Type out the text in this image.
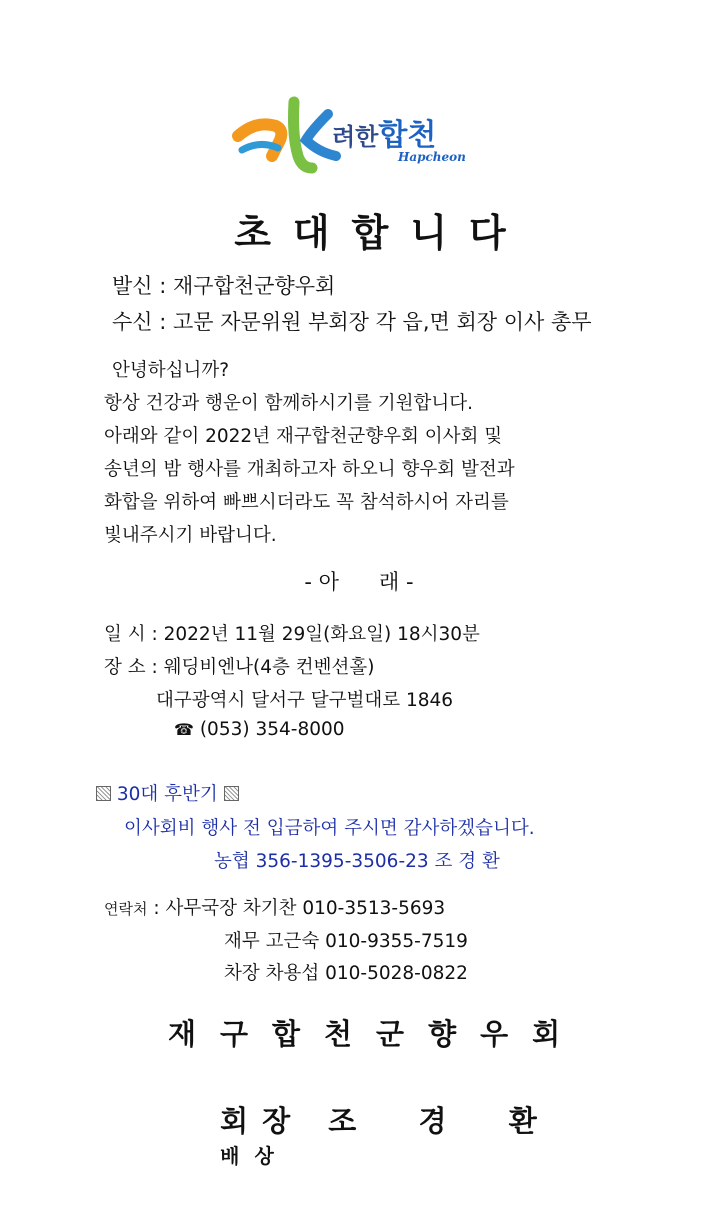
려한합천
Hapcheon
초대합니다
발신 : 재구합천군향우회
수신 : 고문 자문위원 부회장 각 읍,면 회장 이사 총무
안녕하십니까?
항상 건강과 행운이 함께하시기를 기원합니다.
아래와 같이 2022년 재구합천군향우회 이사회 및
송년의 밤 행사를 개최하고자 하오니 향우회 발전과
화합을 위하여 빠쁘시더라도 꼭 참석하시어 자리를
빛내주시기 바랍니다.
- 아      래 -
일 시 : 2022년 11월 29일(화요일) 18시30분
장 소 : 웨딩비엔나(4층 컨벤션홀)
대구광역시 달서구 달구벌대로 1846
☎ (053) 354-8000
30대 후반기
이사회비 행사 전 입금하여 주시면 감사하겠습니다.
농협 356-1395-3506-23 조 경 환
연락처 : 사무국장 차기찬 010-3513-5693
재무 고근숙 010-9355-7519
차장 차용섭 010-5028-0822
재구합천군향우회

회장 조  경  환
배 상
